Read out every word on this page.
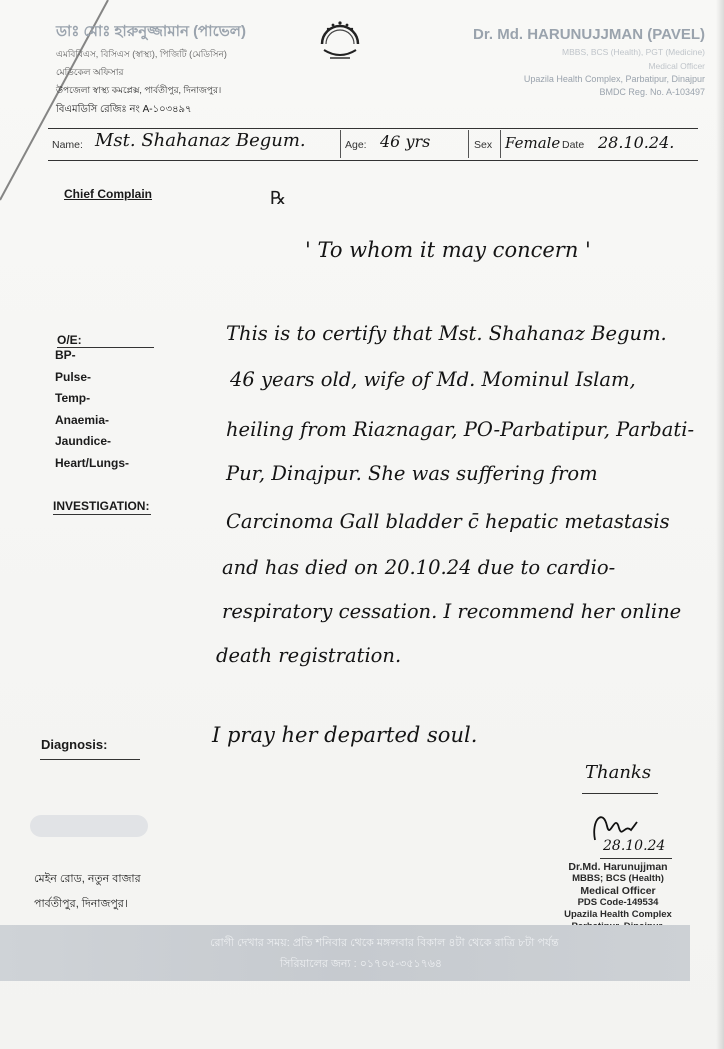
ডাঃ মোঃ হারুনুজ্জামান (পাভেল)
এমবিবিএস, বিসিএস (স্বাস্থ্য), পিজিটি (মেডিসিন)
মেডিকেল অফিসার
উপজেলা স্বাস্থ্য কমপ্লেক্স, পার্বতীপুর, দিনাজপুর।
বিএমডিসি রেজিঃ নং A-১০৩৪৯৭
Dr. Md. HARUNUJJMAN (PAVEL)
MBBS, BCS (Health), PGT (Medicine)
Medical Officer
Upazila Health Complex, Parbatipur, Dinajpur
BMDC Reg. No. A-103497
Name: Mst. Shahanaz Begum.	Age: 46 yrs	Sex Female Date 28.10.24.
Chief Complain	℞
O/E:
BP-
Pulse-
Temp-
Anaemia-
Jaundice-
Heart/Lungs-
INVESTIGATION:
Diagnosis:
মেইন রোড, নতুন বাজার
পার্বতীপুর, দিনাজপুর।
' To whom it may concern '
This is to certify that Mst. Shahanaz Begum.
46 years old, wife of Md. Mominul Islam,
heiling from Riaznagar, PO-Parbatipur, Parbati-
Pur, Dinajpur. She was suffering from
Carcinoma Gall bladder c̄ hepatic metastasis
and has died on 20.10.24 due to cardio-
respiratory cessation. I recommend her online
death registration.
I pray her departed soul.
Thanks
28.10.24
Dr.Md. Harunujjman
MBBS; BCS (Health)
Medical Officer
PDS Code-149534
Upazila Health Complex
রোগী দেখার সময়: প্রতি শনিবার থেকে মঙ্গলবার বিকাল ৪টা থেকে রাত্রি ৮টা পর্যন্ত
সিরিয়ালের জন্য : ০১৭০৫-৩৫১৭৬৪
